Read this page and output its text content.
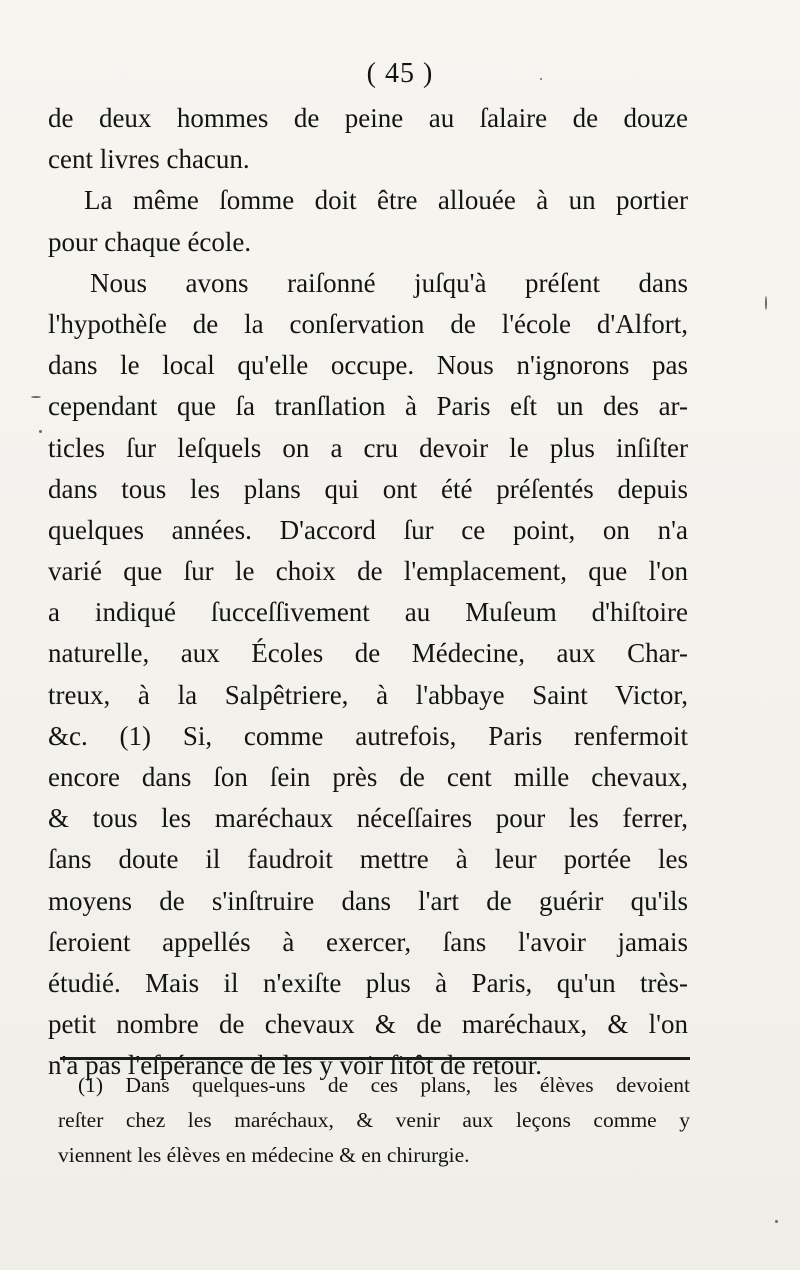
( 45 )
de deux hommes de peine au ſalaire de douze
cent livres chacun.
La même ſomme doit être allouée à un portier
pour chaque école.
Nous avons raiſonné juſqu'à préſent dans
l'hypothèſe de la conſervation de l'école d'Alfort,
dans le local qu'elle occupe. Nous n'ignorons pas
cependant que ſa tranſlation à Paris eſt un des ar-
ticles ſur leſquels on a cru devoir le plus inſiſter
dans tous les plans qui ont été préſentés depuis
quelques années. D'accord ſur ce point, on n'a
varié que ſur le choix de l'emplacement, que l'on
a indiqué ſucceſſivement au Muſeum d'hiſtoire
naturelle, aux Écoles de Médecine, aux Char-
treux, à la Salpêtriere, à l'abbaye Saint Victor,
&c. (1) Si, comme autrefois, Paris renfermoit
encore dans ſon ſein près de cent mille chevaux,
& tous les maréchaux néceſſaires pour les ferrer,
ſans doute il faudroit mettre à leur portée les
moyens de s'inſtruire dans l'art de guérir qu'ils
ſeroient appellés à exercer, ſans l'avoir jamais
étudié. Mais il n'exiſte plus à Paris, qu'un très-
petit nombre de chevaux & de maréchaux, & l'on
n'a pas l'eſpérance de les y voir ſitôt de retour.
(1) Dans quelques-uns de ces plans, les élèves devoient
reſter chez les maréchaux, & venir aux leçons comme y
viennent les élèves en médecine & en chirurgie.
